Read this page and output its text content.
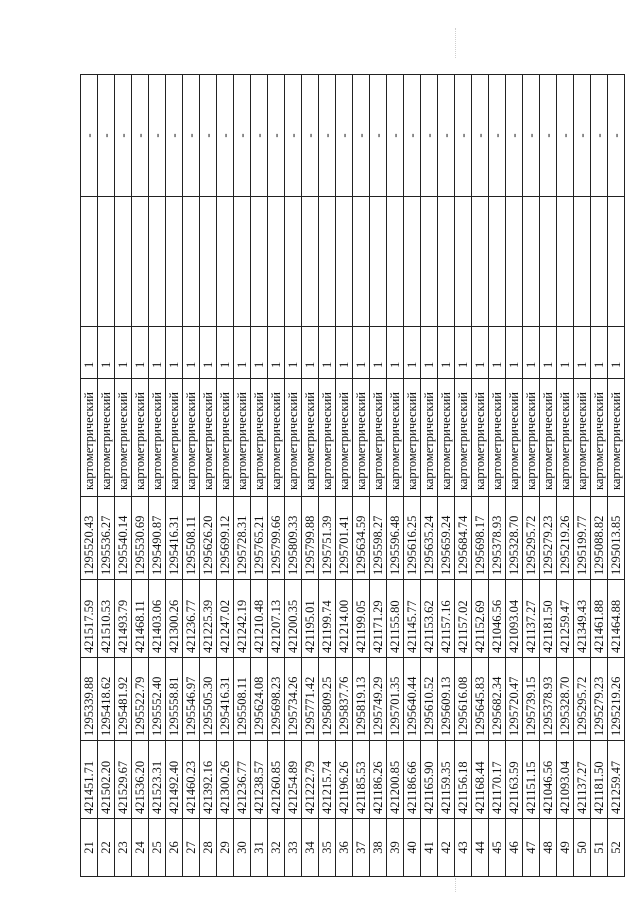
21	421451.71	1295339.88	421517.59	1295520.43	картометрический	1		-
22	421502.20	1295418.62	421510.53	1295536.27	картометрический	1		-
23	421529.67	1295481.92	421493.79	1295540.14	картометрический	1		-
24	421536.20	1295522.79	421468.11	1295530.69	картометрический	1		-
25	421523.31	1295552.40	421403.06	1295490.87	картометрический	1		-
26	421492.40	1295558.81	421300.26	1295416.31	картометрический	1		-
27	421460.23	1295546.97	421236.77	1295508.11	картометрический	1		-
28	421392.16	1295505.30	421225.39	1295626.20	картометрический	1		-
29	421300.26	1295416.31	421247.02	1295699.12	картометрический	1		-
30	421236.77	1295508.11	421242.19	1295728.31	картометрический	1		-
31	421238.57	1295624.08	421210.48	1295765.21	картометрический	1		-
32	421260.85	1295698.23	421207.13	1295799.66	картометрический	1		-
33	421254.89	1295734.26	421200.35	1295809.33	картометрический	1		-
34	421222.79	1295771.42	421195.01	1295799.88	картометрический	1		-
35	421215.74	1295809.25	421199.74	1295751.39	картометрический	1		-
36	421196.26	1295837.76	421214.00	1295701.41	картометрический	1		-
37	421185.53	1295819.13	421199.05	1295634.59	картометрический	1		-
38	421186.26	1295749.29	421171.29	1295598.27	картометрический	1		-
39	421200.85	1295701.35	421155.80	1295596.48	картометрический	1		-
40	421186.66	1295640.44	421145.77	1295616.25	картометрический	1		-
41	421165.90	1295610.52	421153.62	1295635.24	картометрический	1		-
42	421159.35	1295609.13	421157.16	1295659.24	картометрический	1		-
43	421156.18	1295616.08	421157.02	1295684.74	картометрический	1		-
44	421168.44	1295645.83	421152.69	1295698.17	картометрический	1		-
45	421170.17	1295682.34	421046.56	1295378.93	картометрический	1		-
46	421163.59	1295720.47	421093.04	1295328.70	картометрический	1		-
47	421151.15	1295739.15	421137.27	1295295.72	картометрический	1		-
48	421046.56	1295378.93	421181.50	1295279.23	картометрический	1		-
49	421093.04	1295328.70	421259.47	1295219.26	картометрический	1		-
50	421137.27	1295295.72	421349.43	1295199.77	картометрический	1		-
51	421181.50	1295279.23	421461.88	1295088.82	картометрический	1		-
52	421259.47	1295219.26	421464.88	1295013.85	картометрический	1		-
